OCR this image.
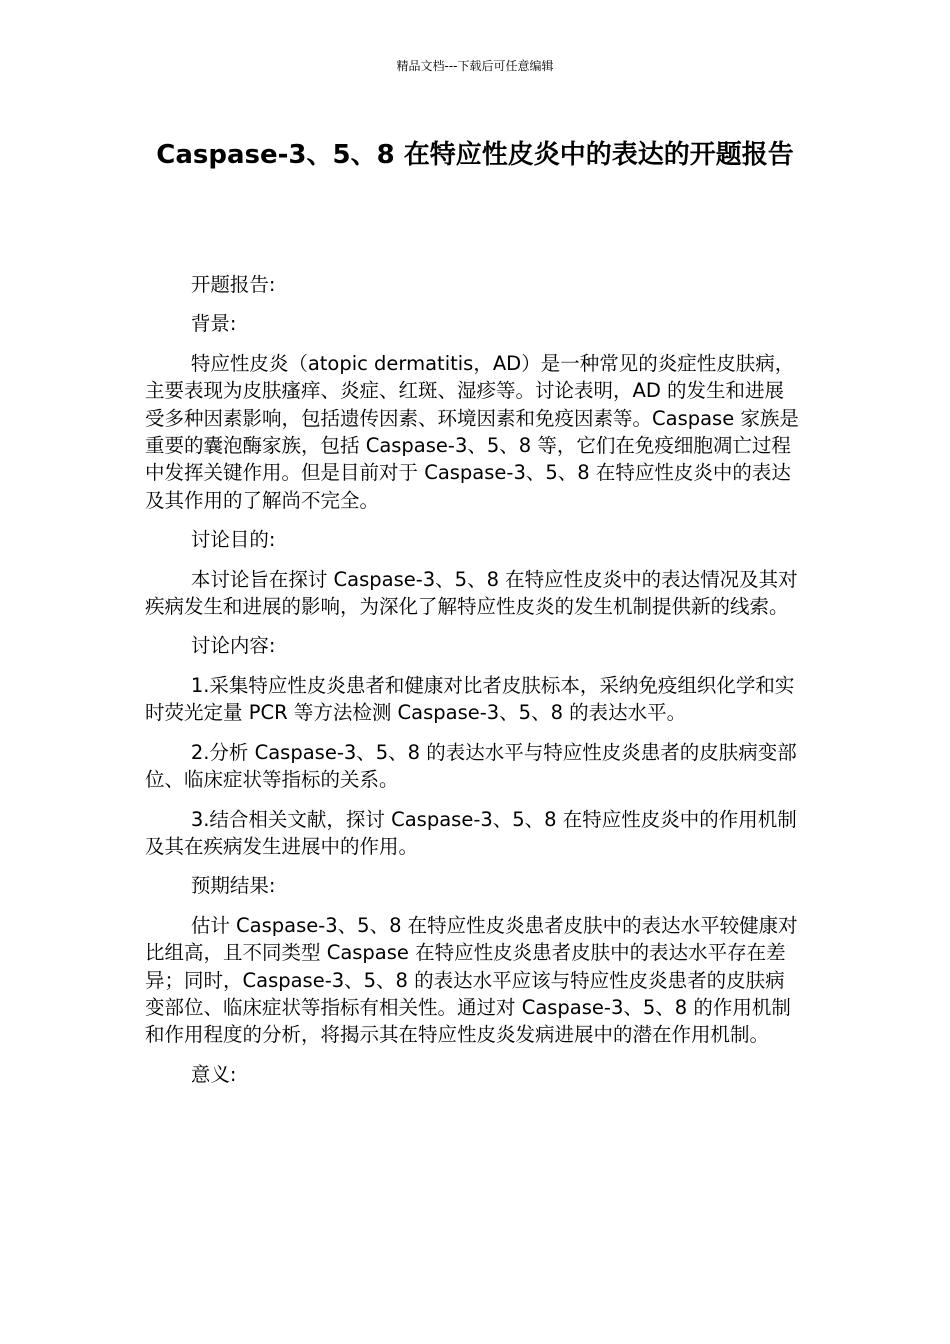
精品文档---下载后可任意编辑
Caspase-3、5、8 在特应性皮炎中的表达的开题报告

开题报告:

背景:

特应性皮炎（atopic dermatitis，AD）是一种常见的炎症性皮肤病，主要表现为皮肤瘙痒、炎症、红斑、湿疹等。讨论表明，AD 的发生和进展受多种因素影响，包括遗传因素、环境因素和免疫因素等。Caspase 家族是重要的囊泡酶家族，包括 Caspase-3、5、8 等，它们在免疫细胞凋亡过程中发挥关键作用。但是目前对于 Caspase-3、5、8 在特应性皮炎中的表达及其作用的了解尚不完全。

讨论目的:

本讨论旨在探讨 Caspase-3、5、8 在特应性皮炎中的表达情况及其对疾病发生和进展的影响，为深化了解特应性皮炎的发生机制提供新的线索。

讨论内容:

1.采集特应性皮炎患者和健康对比者皮肤标本，采纳免疫组织化学和实时荧光定量 PCR 等方法检测 Caspase-3、5、8 的表达水平。

2.分析 Caspase-3、5、8 的表达水平与特应性皮炎患者的皮肤病变部位、临床症状等指标的关系。

3.结合相关文献，探讨 Caspase-3、5、8 在特应性皮炎中的作用机制及其在疾病发生进展中的作用。

预期结果:

估计 Caspase-3、5、8 在特应性皮炎患者皮肤中的表达水平较健康对比组高，且不同类型 Caspase 在特应性皮炎患者皮肤中的表达水平存在差异；同时，Caspase-3、5、8 的表达水平应该与特应性皮炎患者的皮肤病变部位、临床症状等指标有相关性。通过对 Caspase-3、5、8 的作用机制和作用程度的分析，将揭示其在特应性皮炎发病进展中的潜在作用机制。

意义:
